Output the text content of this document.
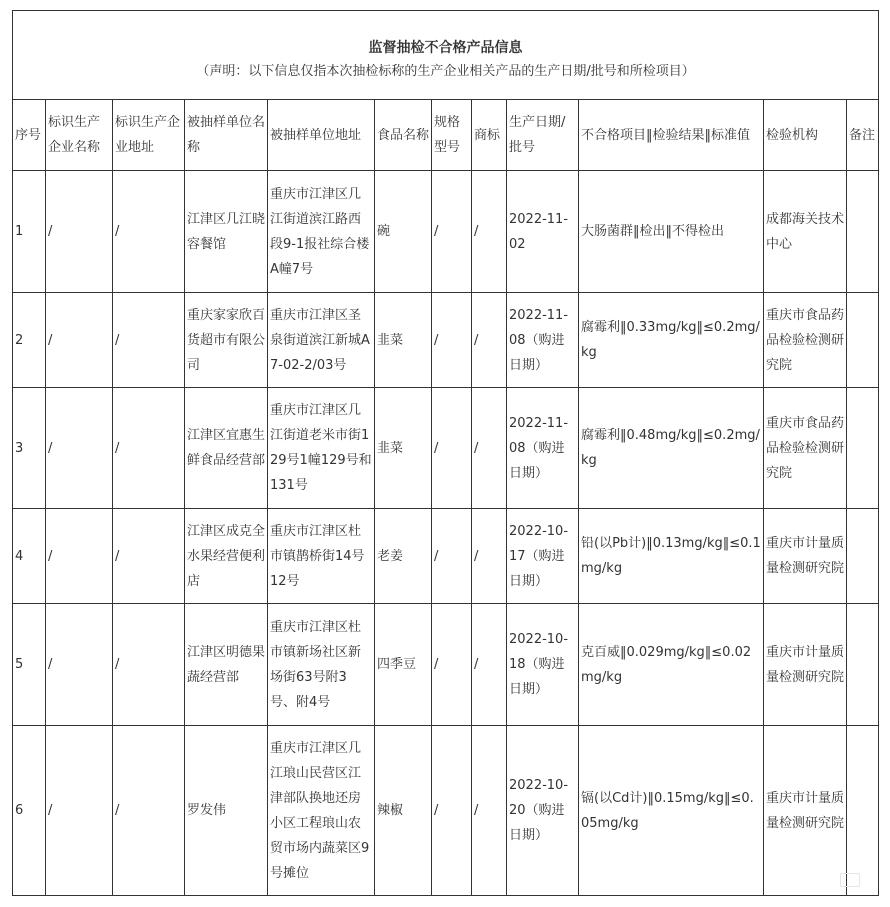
监督抽检不合格产品信息
（声明：以下信息仅指本次抽检标称的生产企业相关产品的生产日期/批号和所检项目）											

序号	标识生产企业名称	标识生产企业地址	被抽样单位名称	被抽样单位地址	食品名称	规格型号	商标	生产日期/批号	不合格项目‖检验结果‖标准值	检验机构	备注
1	/	/	江津区几江晓容餐馆	重庆市江津区几江街道滨江路西段9-1报社综合楼A幢7号	碗	/	/	2022-11-02	大肠菌群‖检出‖不得检出	成都海关技术中心	
2	/	/	重庆家家欣百货超市有限公司	重庆市江津区圣泉街道滨江新城A7-02-2/03号	韭菜	/	/	2022-11-08（购进日期）	腐霉利‖0.33mg/kg‖≤0.2mg/kg	重庆市食品药品检验检测研究院	
3	/	/	江津区宜惠生鲜食品经营部	重庆市江津区几江街道老米市街129号1幢129号和131号	韭菜	/	/	2022-11-08（购进日期）	腐霉利‖0.48mg/kg‖≤0.2mg/kg	重庆市食品药品检验检测研究院	
4	/	/	江津区成克全水果经营便利店	重庆市江津区杜市镇鹊桥街14号12号	老姜	/	/	2022-10-17（购进日期）	铅(以Pb计)‖0.13mg/kg‖≤0.1mg/kg	重庆市计量质量检测研究院	
5	/	/	江津区明德果蔬经营部	重庆市江津区杜市镇新场社区新场街63号附3号、附4号	四季豆	/	/	2022-10-18（购进日期）	克百威‖0.029mg/kg‖≤0.02mg/kg	重庆市计量质量检测研究院	
6	/	/	罗发伟	重庆市江津区几江琅山民营区江津部队换地还房小区工程琅山农贸市场内蔬菜区9号摊位	辣椒	/	/	2022-10-20（购进日期）	镉(以Cd计)‖0.15mg/kg‖≤0.05mg/kg	重庆市计量质量检测研究院	
